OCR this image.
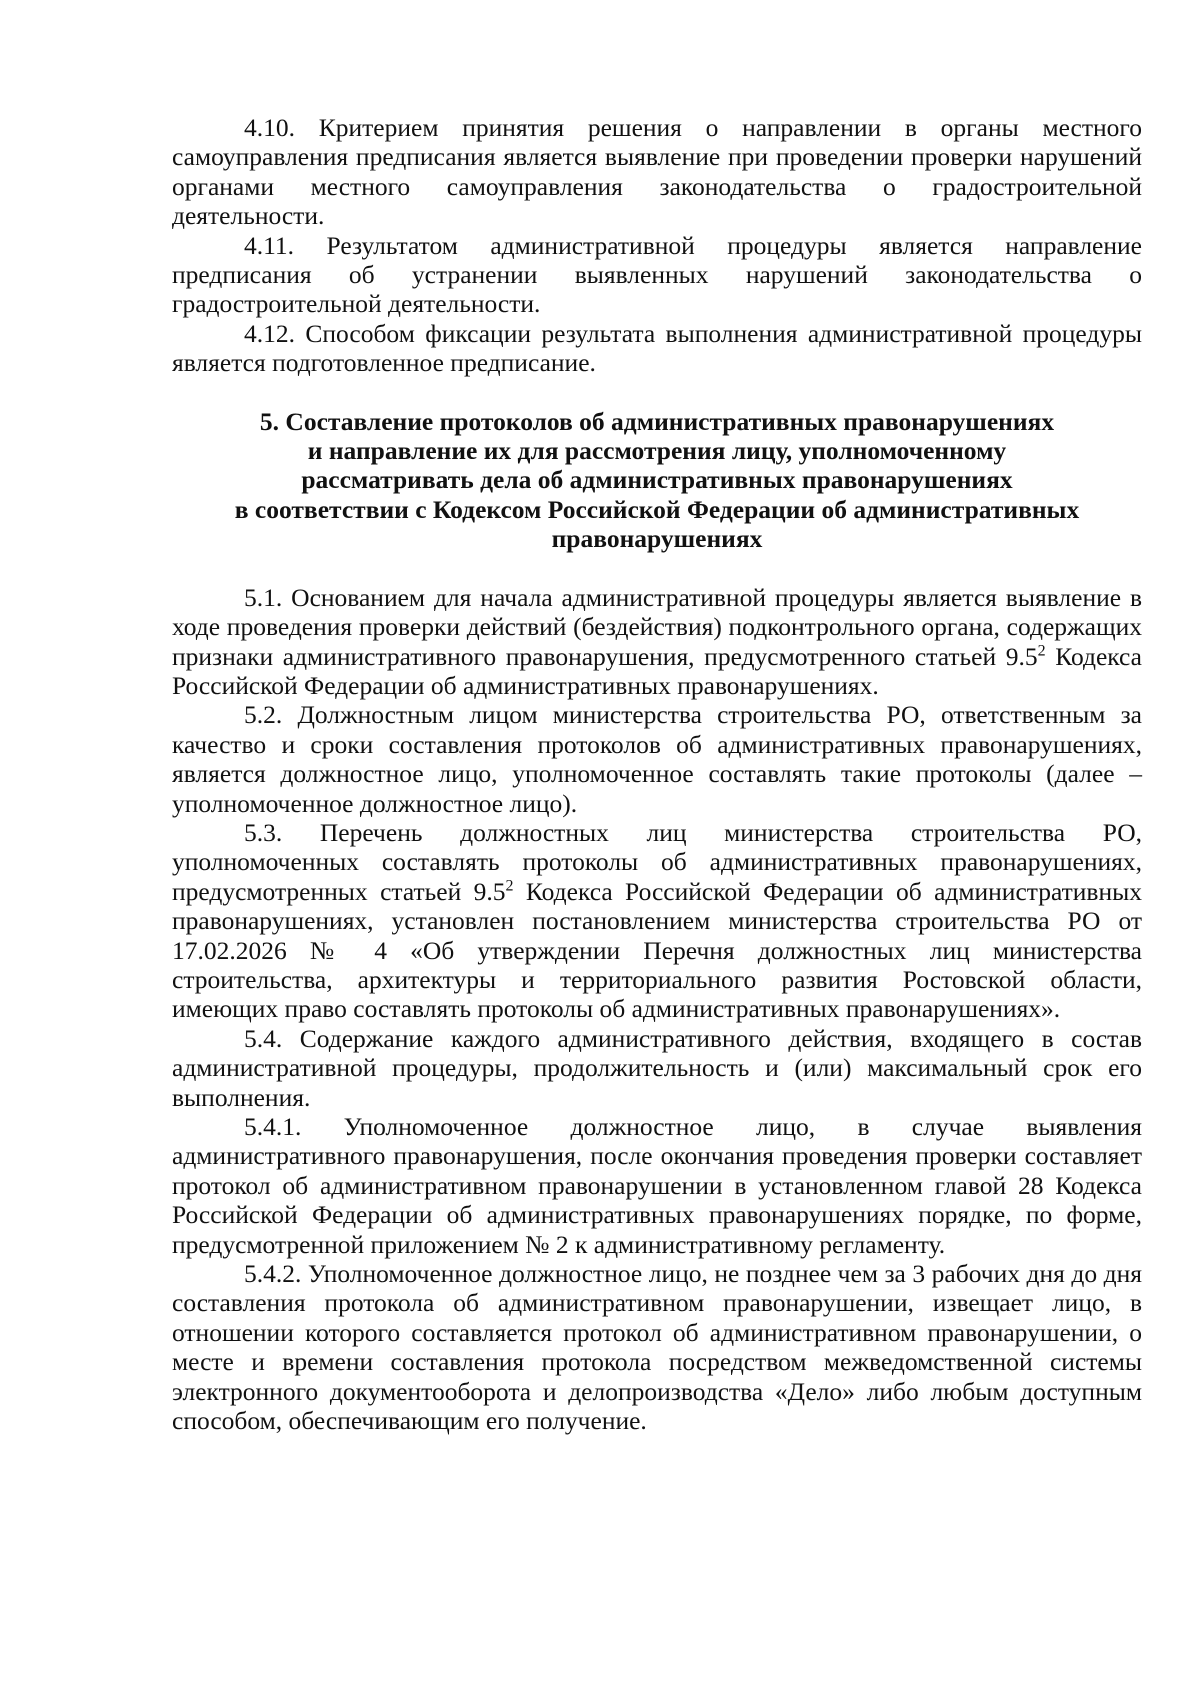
4.10. Критерием принятия решения о направлении в органы местного самоуправления предписания является выявление при проведении проверки нарушений органами местного самоуправления законодательства о градостроительной деятельности.

4.11. Результатом административной процедуры является направление предписания об устранении выявленных нарушений законодательства о градостроительной деятельности.

4.12. Способом фиксации результата выполнения административной процедуры является подготовленное предписание.

5. Составление протоколов об административных правонарушениях
и направление их для рассмотрения лицу, уполномоченному
рассматривать дела об административных правонарушениях
в соответствии с Кодексом Российской Федерации об административных
правонарушениях

5.1. Основанием для начала административной процедуры является выявление в ходе проведения проверки действий (бездействия) подконтрольного органа, содержащих признаки административного правонарушения, предусмотренного статьей $9.5^2$ Кодекса Российской Федерации об административных правонарушениях.

5.2. Должностным лицом министерства строительства РО, ответственным за качество и сроки составления протоколов об административных правонарушениях, является должностное лицо, уполномоченное составлять такие протоколы (далее – уполномоченное должностное лицо).

5.3. Перечень должностных лиц министерства строительства РО, уполномоченных составлять протоколы об административных правонарушениях, предусмотренных статьей $9.5^2$ Кодекса Российской Федерации об административных правонарушениях, установлен постановлением министерства строительства РО от 17.02.2026 № 4 «Об утверждении Перечня должностных лиц министерства строительства, архитектуры и территориального развития Ростовской области, имеющих право составлять протоколы об административных правонарушениях».

5.4. Содержание каждого административного действия, входящего в состав административной процедуры, продолжительность и (или) максимальный срок его выполнения.

5.4.1. Уполномоченное должностное лицо, в случае выявления административного правонарушения, после окончания проведения проверки составляет протокол об административном правонарушении в установленном главой 28 Кодекса Российской Федерации об административных правонарушениях порядке, по форме, предусмотренной приложением № 2 к административному регламенту.

5.4.2. Уполномоченное должностное лицо, не позднее чем за 3 рабочих дня до дня составления протокола об административном правонарушении, извещает лицо, в отношении которого составляется протокол об административном правонарушении, о месте и времени составления протокола посредством межведомственной системы электронного документооборота и делопроизводства «Дело» либо любым доступным способом, обеспечивающим его получение.
